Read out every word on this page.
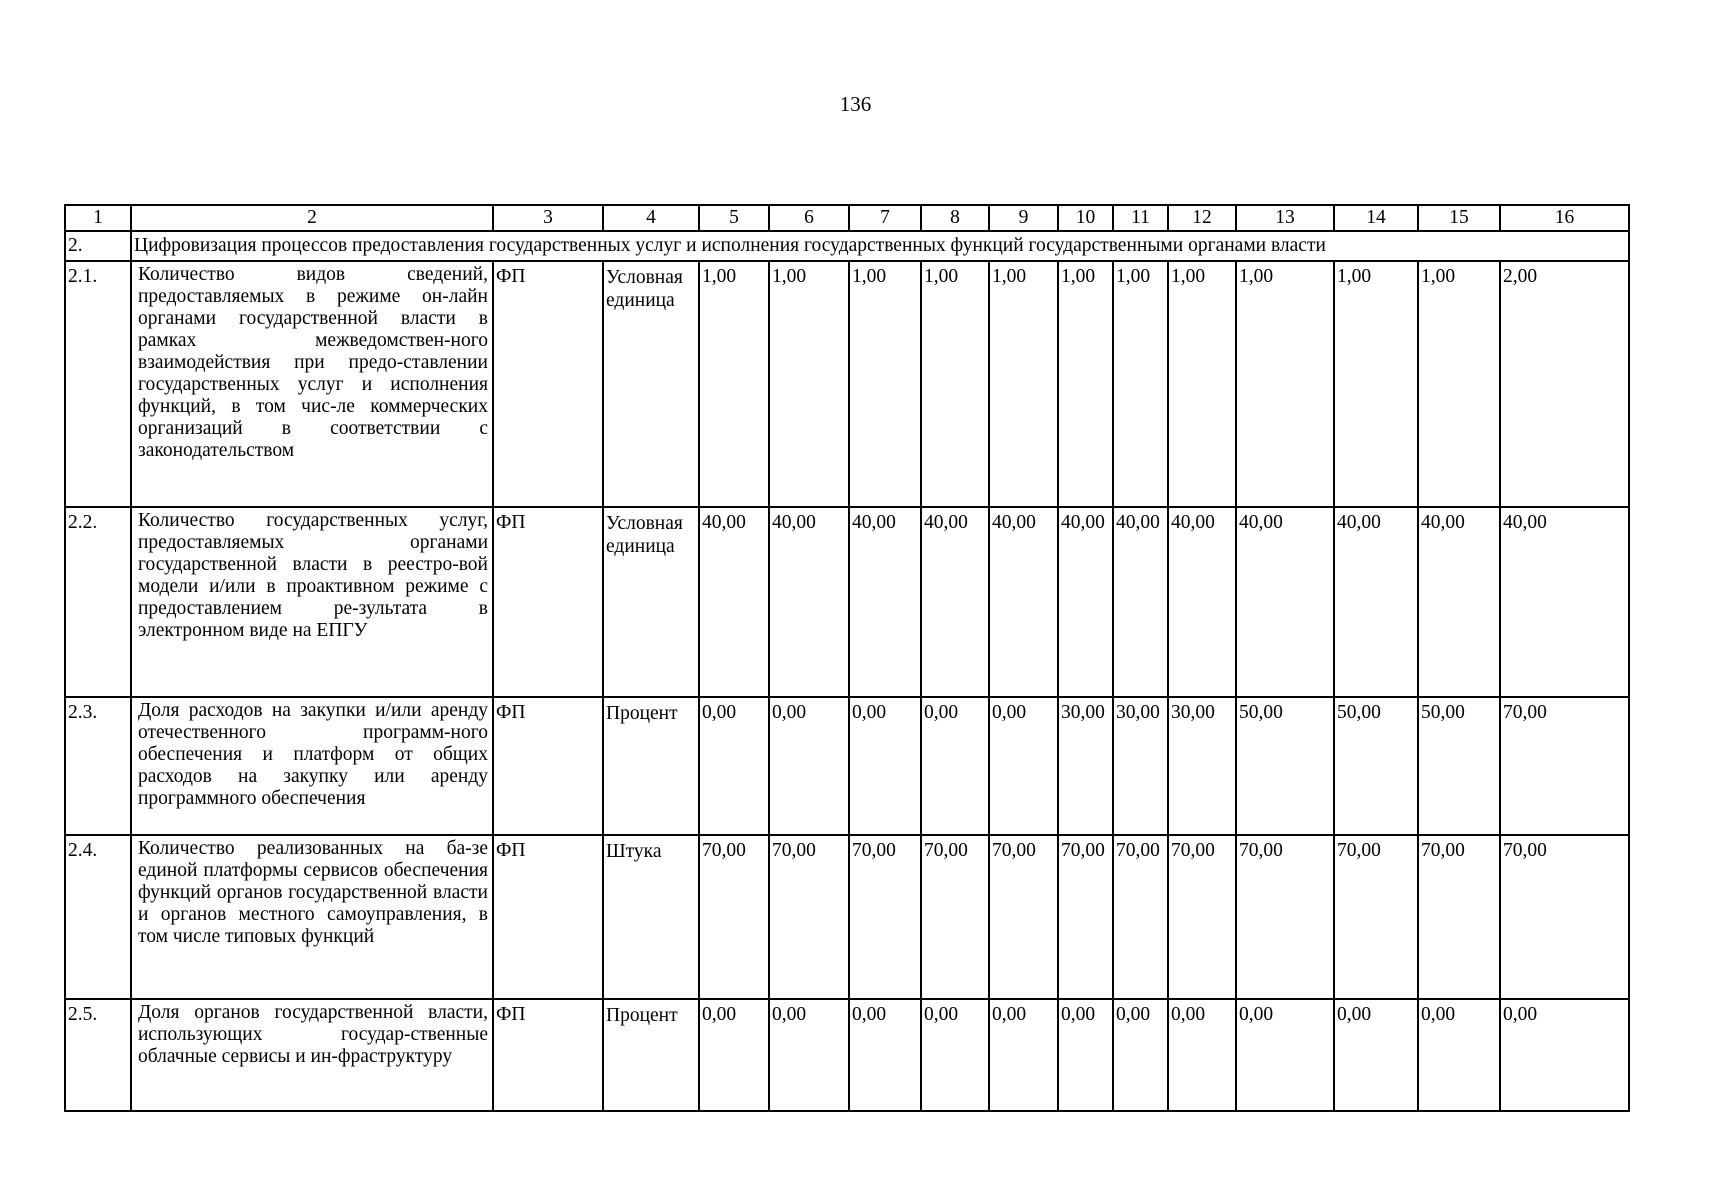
136
1	2	3	4	5	6	7	8	9	10	11	12	13	14	15	16
2.	Цифровизация процессов предоставления государственных услуг и исполнения государственных функций государственными органами власти														
2.1.	Количество видов сведений, предоставляемых в режиме он-лайн органами государственной власти в рамках межведомствен-ного взаимодействия при предо-ставлении государственных услуг и исполнения функций, в том чис-ле коммерческих организаций в соответствии с законодательством	ФП	Условная единица	1,00	1,00	1,00	1,00	1,00	1,00	1,00	1,00	1,00	1,00	1,00	2,00
2.2.	Количество государственных услуг, предоставляемых органами государственной власти в реестро-вой модели и/или в проактивном режиме с предоставлением ре-зультата в электронном виде на ЕПГУ	ФП	Условная единица	40,00	40,00	40,00	40,00	40,00	40,00	40,00	40,00	40,00	40,00	40,00	40,00
2.3.	Доля расходов на закупки и/или аренду отечественного программ-ного обеспечения и платформ от общих расходов на закупку или аренду программного обеспечения	ФП	Процент	0,00	0,00	0,00	0,00	0,00	30,00	30,00	30,00	50,00	50,00	50,00	70,00
2.4.	Количество реализованных на ба-зе единой платформы сервисов обеспечения функций органов государственной власти и органов местного самоуправления, в том числе типовых функций	ФП	Штука	70,00	70,00	70,00	70,00	70,00	70,00	70,00	70,00	70,00	70,00	70,00	70,00
2.5.	Доля органов государственной власти, использующих государ-ственные облачные сервисы и ин-фраструктуру	ФП	Процент	0,00	0,00	0,00	0,00	0,00	0,00	0,00	0,00	0,00	0,00	0,00	0,00
